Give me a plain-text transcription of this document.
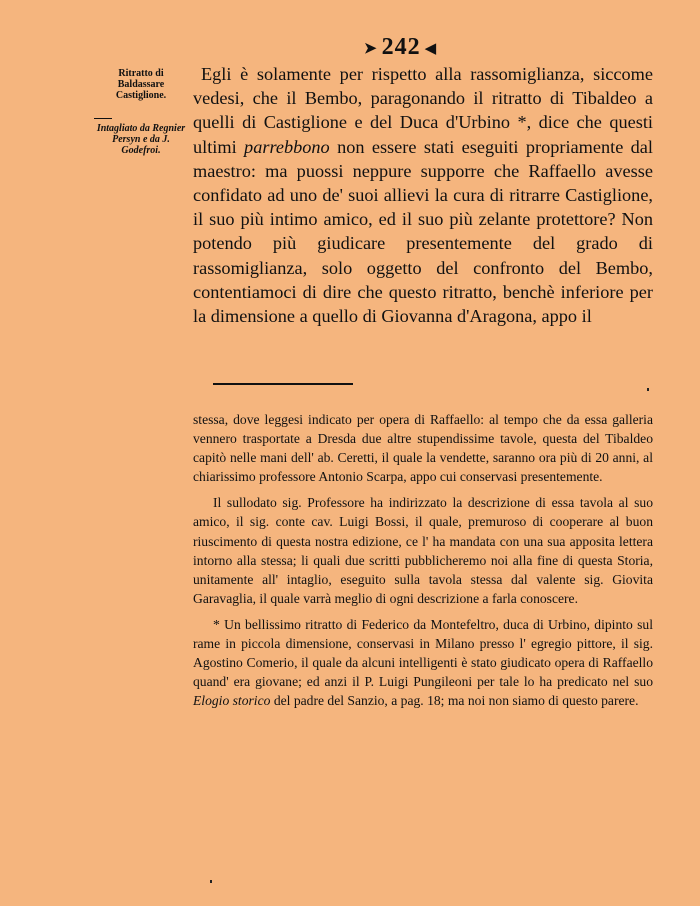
➤ 242 ◀
Ritratto di Baldassare Castiglione.
Intagliato da Regnier Persyn e da J. Godefroi.
Egli è solamente per rispetto alla rassomiglianza, siccome vedesi, che il Bembo, paragonando il ritratto di Tibaldeo a quelli di Castiglione e del Duca d'Urbino *, dice che questi ultimi parrebbono non essere stati eseguiti propriamente dal maestro: ma puossi neppure supporre che Raffaello avesse confidato ad uno de' suoi allievi la cura di ritrarre Castiglione, il suo più intimo amico, ed il suo più zelante protettore? Non potendo più giudicare presentemente del grado di rassomiglianza, solo oggetto del confronto del Bembo, contentiamoci di dire che questo ritratto, benchè inferiore per la dimensione a quello di Giovanna d'Aragona, appo il

stessa, dove leggesi indicato per opera di Raffaello: al tempo che da essa galleria vennero trasportate a Dresda due altre stupendissime tavole, questa del Tibaldeo capitò nelle mani dell' ab. Ceretti, il quale la vendette, saranno ora più di 20 anni, al chiarissimo professore Antonio Scarpa, appo cui conservasi presentemente.

Il sullodato sig. Professore ha indirizzato la descrizione di essa tavola al suo amico, il sig. conte cav. Luigi Bossi, il quale, premuroso di cooperare al buon riuscimento di questa nostra edizione, ce l' ha mandata con una sua apposita lettera intorno alla stessa; li quali due scritti pubblicheremo noi alla fine di questa Storia, unitamente all' intaglio, eseguito sulla tavola stessa dal valente sig. Giovita Garavaglia, il quale varrà meglio di ogni descrizione a farla conoscere.

* Un bellissimo ritratto di Federico da Montefeltro, duca di Urbino, dipinto sul rame in piccola dimensione, conservasi in Milano presso l' egregio pittore, il sig. Agostino Comerio, il quale da alcuni intelligenti è stato giudicato opera di Raffaello quand' era giovane; ed anzi il P. Luigi Pungileoni per tale lo ha predicato nel suo Elogio storico del padre del Sanzio, a pag. 18; ma noi non siamo di questo parere.
